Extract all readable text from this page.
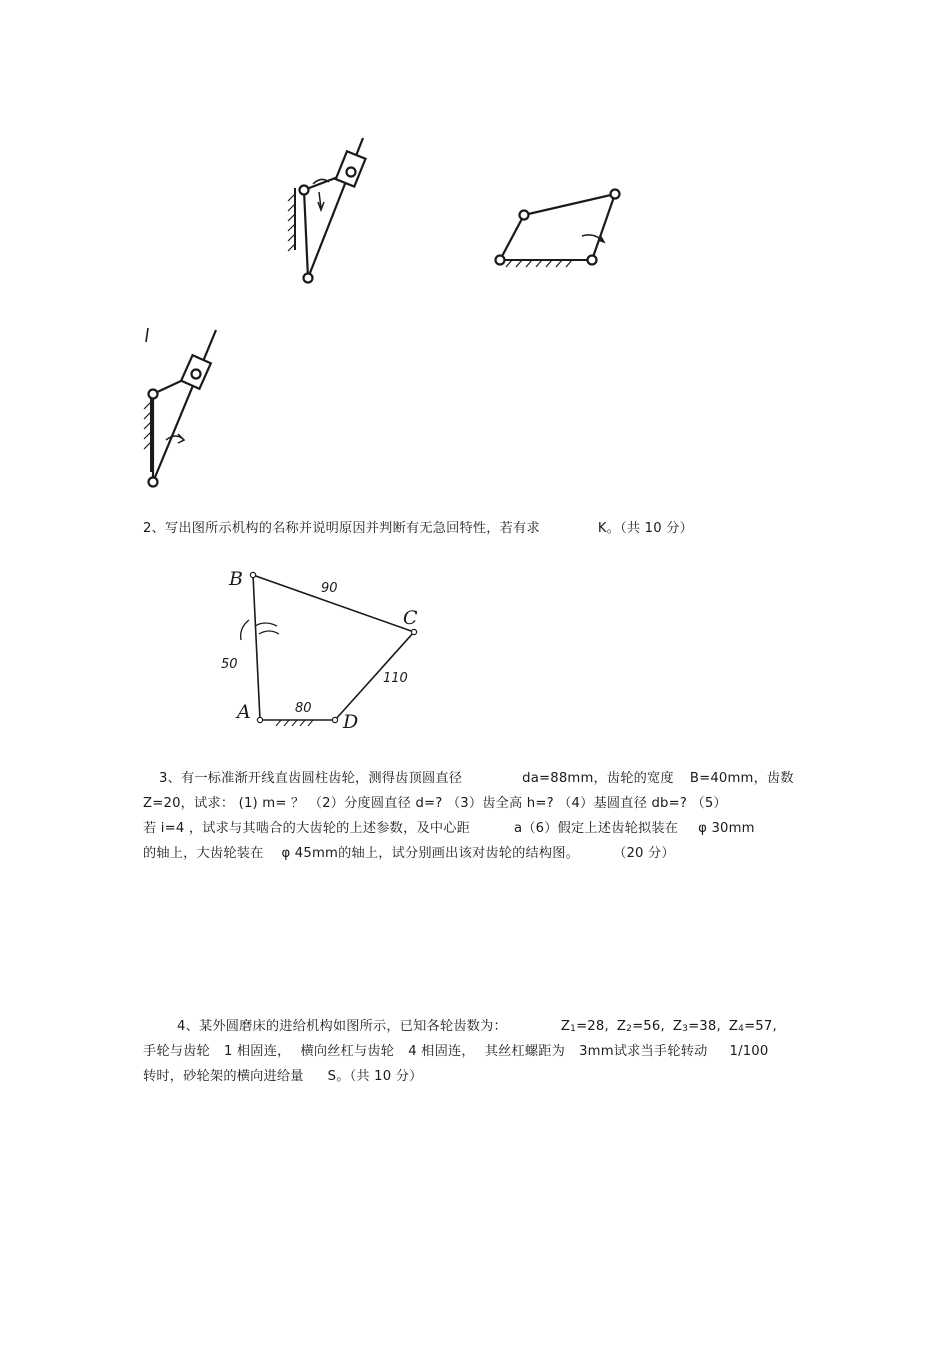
2、写出图所示机构的名称并说明原因并判断有无急回特性，若有求	K。（共 10 分）
B
C
A	D
90
50
110
80
3、有一标准渐开线直齿圆柱齿轮，测得齿顶圆直径	da=88mm，齿轮的宽度 B=40mm，齿数
Z=20，试求： (1) m= ？ （2）分度圆直径 d=? （3）齿全高 h=? （4）基圆直径 db=? （5）
若 i=4 ，试求与其啮合的大齿轮的上述参数，及中心距	a（6）假定上述齿轮拟装在 φ 30mm
的轴上，大齿轮装在 φ 45mm的轴上，试分别画出该对齿轮的结构图。	（20 分）
4、某外圆磨床的进给机构如图所示，已知各轮齿数为：	Z1=28, Z2=56, Z3=38, Z4=57,
手轮与齿轮 1 相固连， 横向丝杠与齿轮 4 相固连， 其丝杠螺距为 3mm试求当手轮转动 1/100
转时，砂轮架的横向进给量 S。（共 10 分）
